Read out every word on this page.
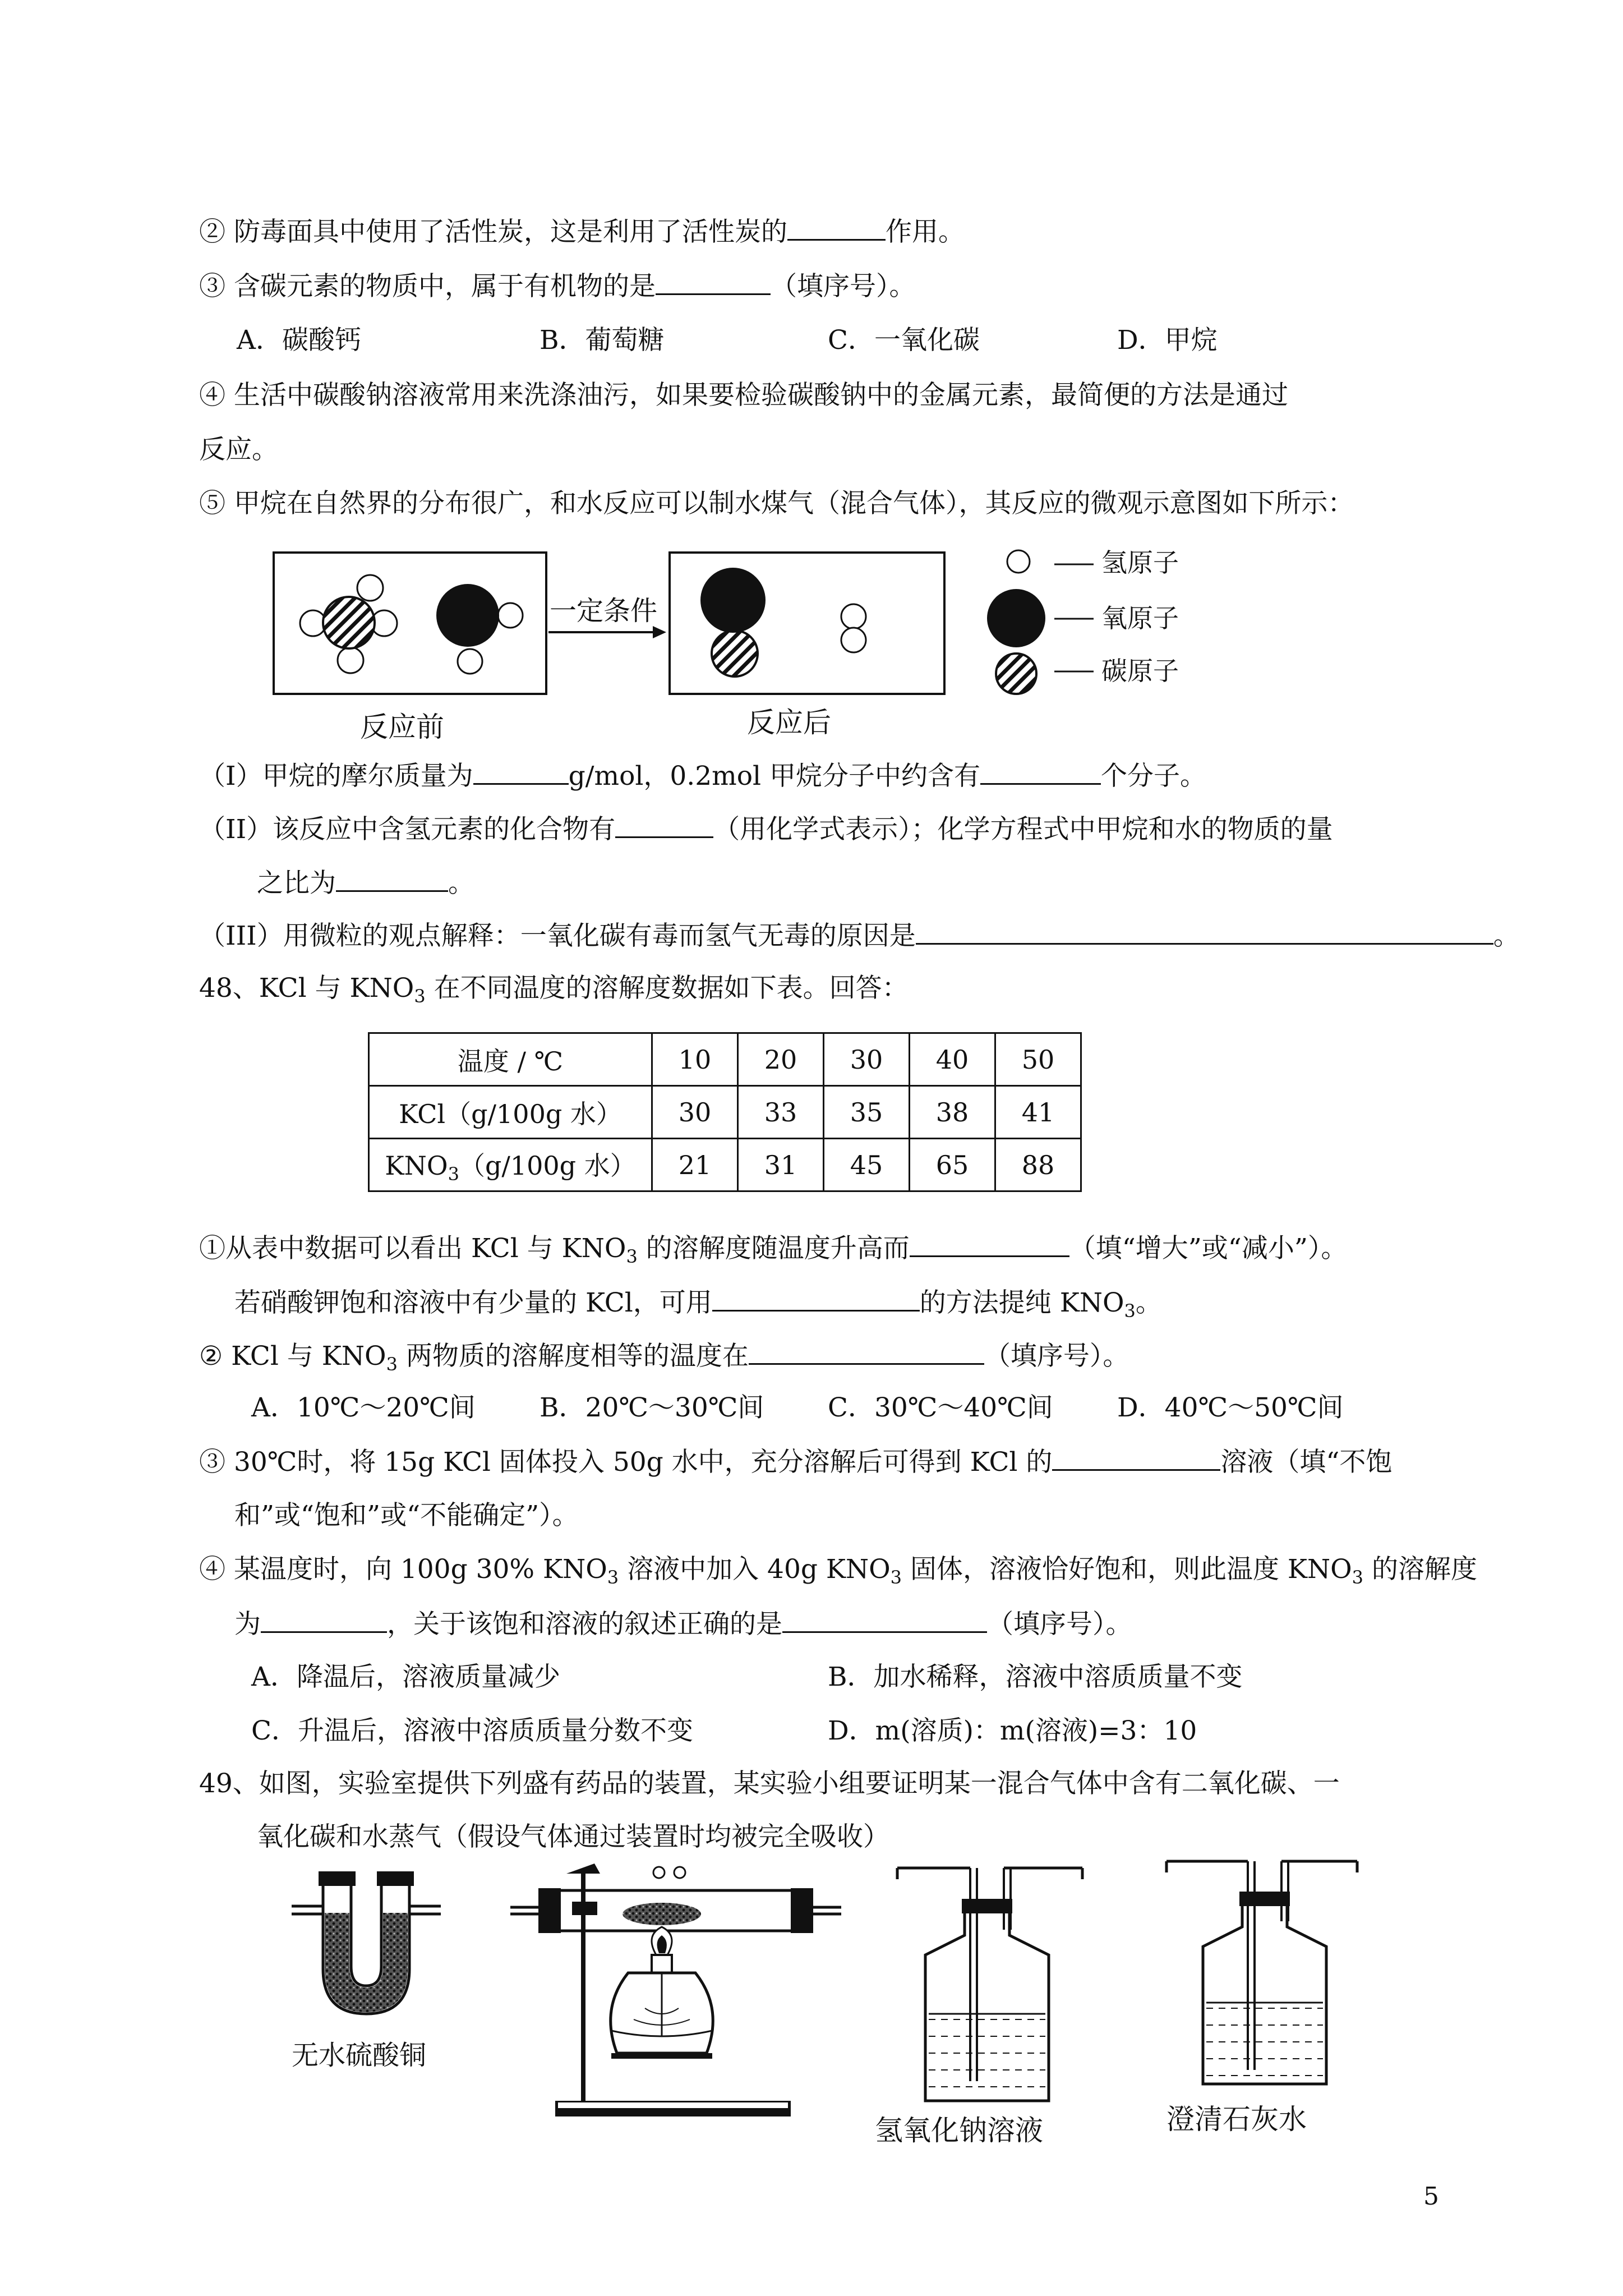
② 防毒面具中使用了活性炭，这是利用了活性炭的	作用。
③ 含碳元素的物质中，属于有机物的是	（填序号）。
A．碳酸钙	B．葡萄糖	C．一氧化碳	D．甲烷
④ 生活中碳酸钠溶液常用来洗涤油污，如果要检验碳酸钠中的金属元素，最简便的方法是通过
反应。
⑤ 甲烷在自然界的分布很广，和水反应可以制水煤气（混合气体），其反应的微观示意图如下所示：
一定条件
反应前	反应后
氢原子
氧原子
碳原子
（I）甲烷的摩尔质量为	g/mol，0.2mol 甲烷分子中约含有	个分子。
（II）该反应中含氢元素的化合物有	（用化学式表示）；化学方程式中甲烷和水的物质的量
之比为	。
（III）用微粒的观点解释：一氧化碳有毒而氢气无毒的原因是	。
48、KCl 与 $KNO_3$ 在不同温度的溶解度数据如下表。回答：
温度 / ℃	10	20	30	40	50
KCl（g/100g 水）	30	33	35	38	41
$KNO_3(g/100g$ 水）	21	31	45	65	88
①从表中数据可以看出 KCl 与 $KNO_3$ 的溶解度随温度升高而	（填“增大”或“减小”）。
若硝酸钾饱和溶液中有少量的 KCl，可用	的方法提纯 $KNO_3$。
② KCl 与 $KNO_3$ 两物质的溶解度相等的温度在	（填序号）。
A．10℃～20℃间 B．20℃～30℃间 C．30℃～40℃间 D．40℃～50℃间
③ 30℃时，将 15g KCl 固体投入 50g 水中，充分溶解后可得到 KCl 的	溶液（填“不饱
和”或“饱和”或“不能确定”）。
④ 某温度时，向 100g 30% $KNO_3$ 溶液中加入 40g $KNO_3$ 固体，溶液恰好饱和，则此温度 $KNO_3$ 的溶解度
为	，关于该饱和溶液的叙述正确的是	（填序号）。
A．降温后，溶液质量减少	B．加水稀释，溶液中溶质质量不变
C．升温后，溶液中溶质质量分数不变	D．m(溶质)：m(溶液)=3：10
49、如图，实验室提供下列盛有药品的装置，某实验小组要证明某一混合气体中含有二氧化碳、一
氧化碳和水蒸气（假设气体通过装置时均被完全吸收）
无水硫酸铜
氢氧化钠溶液	澄清石灰水
5
